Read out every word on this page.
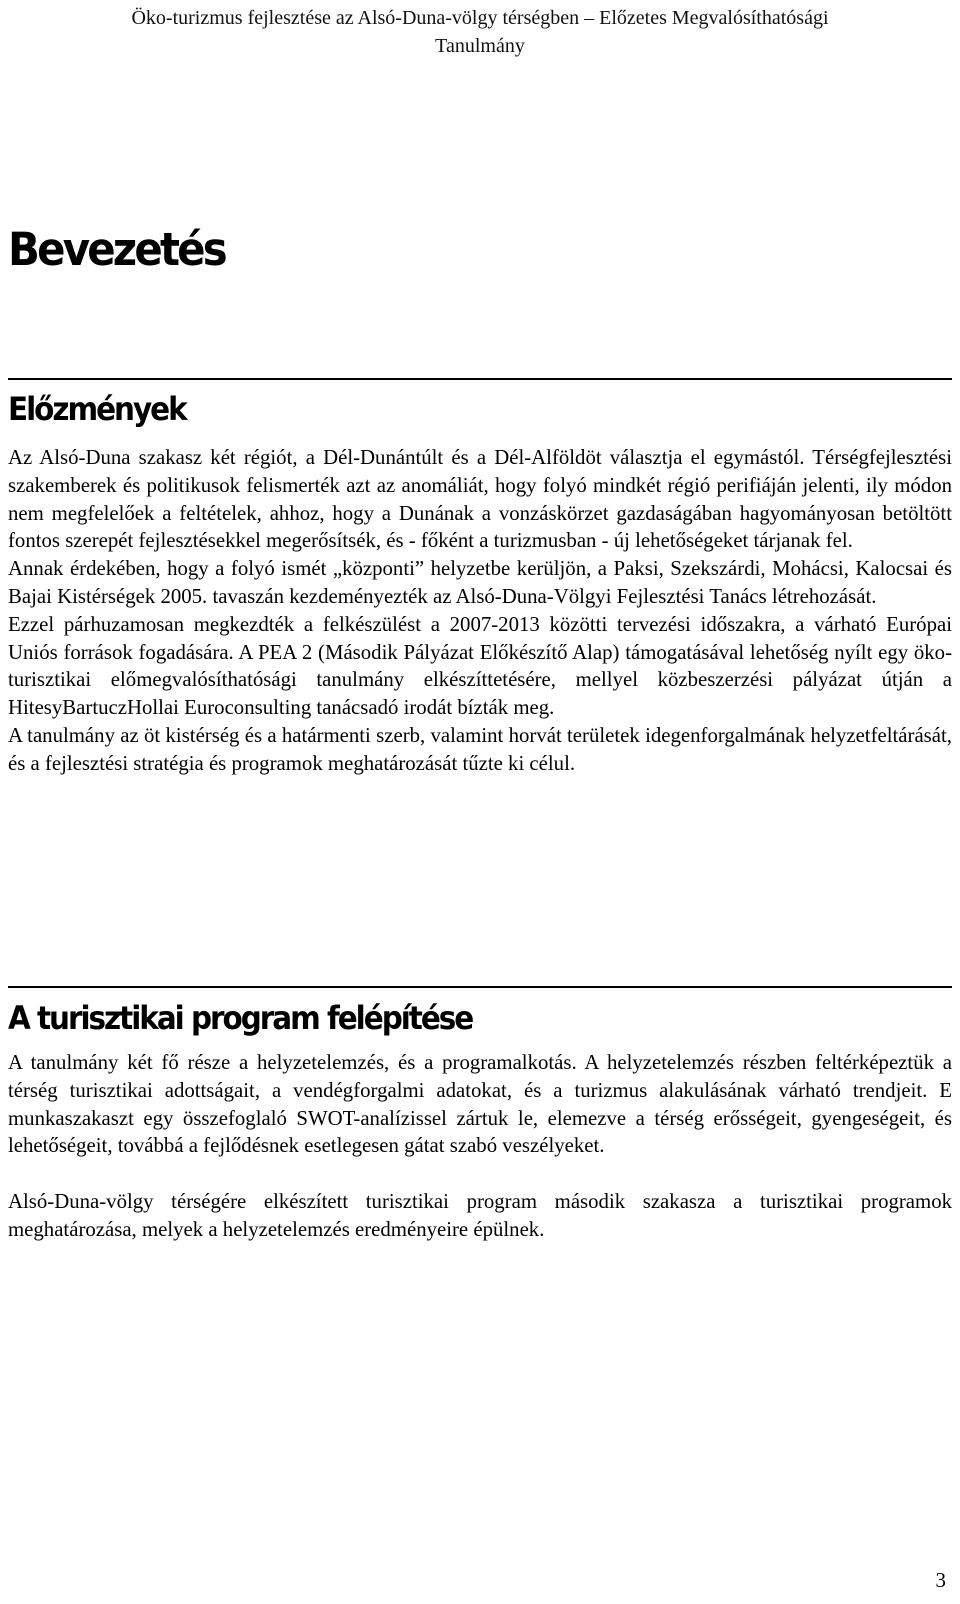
Öko-turizmus fejlesztése az Alsó-Duna-völgy térségben – Előzetes Megvalósíthatósági
Tanulmány
Bevezetés
Előzmények

Az Alsó-Duna szakasz két régiót, a Dél-Dunántúlt és a Dél-Alföldöt választja el egymástól. Térségfejlesztési szakemberek és politikusok felismerték azt az anomáliát, hogy folyó mindkét régió perifiáján jelenti, ily módon nem megfelelőek a feltételek, ahhoz, hogy a Dunának a vonzáskörzet gazdaságában hagyományosan betöltött fontos szerepét fejlesztésekkel megerősítsék, és - főként a turizmusban - új lehetőségeket tárjanak fel.

Annak érdekében, hogy a folyó ismét „központi” helyzetbe kerüljön, a Paksi, Szekszárdi, Mohácsi, Kalocsai és Bajai Kistérségek 2005. tavaszán kezdeményezték az Alsó-Duna-Völgyi Fejlesztési Tanács létrehozását.

Ezzel párhuzamosan megkezdték a felkészülést a 2007-2013 közötti tervezési időszakra, a várható Európai Uniós források fogadására. A PEA 2 (Második Pályázat Előkészítő Alap) támogatásával lehetőség nyílt egy öko-turisztikai előmegvalósíthatósági tanulmány elkészíttetésére, mellyel közbeszerzési pályázat útján a HitesyBartuczHollai Euroconsulting tanácsadó irodát bízták meg.

A tanulmány az öt kistérség és a határmenti szerb, valamint horvát területek idegenforgalmának helyzetfeltárását, és a fejlesztési stratégia és programok meghatározását tűzte ki célul.

A turisztikai program felépítése

A tanulmány két fő része a helyzetelemzés, és a programalkotás. A helyzetelemzés részben feltérképeztük a térség turisztikai adottságait, a vendégforgalmi adatokat, és a turizmus alakulásának várható trendjeit. E munkaszakaszt egy összefoglaló SWOT-analízissel zártuk le, elemezve a térség erősségeit, gyengeségeit, és lehetőségeit, továbbá a fejlődésnek esetlegesen gátat szabó veszélyeket.

Alsó-Duna-völgy térségére elkészített turisztikai program második szakasza a turisztikai programok meghatározása, melyek a helyzetelemzés eredményeire épülnek.

3
